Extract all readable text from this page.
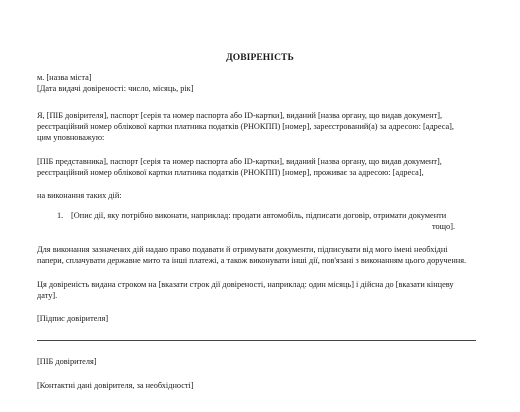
ДОВІРЕНІСТЬ
м. [назва міста]
[Дата видачі довіреності: число, місяць, рік]
Я, [ПІБ довірителя], паспорт [серія та номер паспорта або ID-картки], виданий [назва органу, що видав документ],
реєстраційний номер облікової картки платника податків (РНОКПП) [номер], зареєстрований(а) за адресою: [адреса],
цим уповноважую:
[ПІБ представника], паспорт [серія та номер паспорта або ID-картки], виданий [назва органу, що видав документ],
реєстраційний номер облікової картки платника податків (РНОКПП) [номер], проживає за адресою: [адреса],
на виконання таких дій:
1. [Опис дії, яку потрібно виконати, наприклад: продати автомобіль, підписати договір, отримати документи
тощо].
Для виконання зазначених дій надаю право подавати й отримувати документи, підписувати від мого імені необхідні
папери, сплачувати державне мито та інші платежі, а також виконувати інші дії, пов'язані з виконанням цього доручення.
Ця довіреність видана строком на [вказати строк дії довіреності, наприклад: один місяць] і дійсна до [вказати кінцеву
дату].
[Підпис довірителя]
[ПІБ довірителя]
[Контактні дані довірителя, за необхідності]
